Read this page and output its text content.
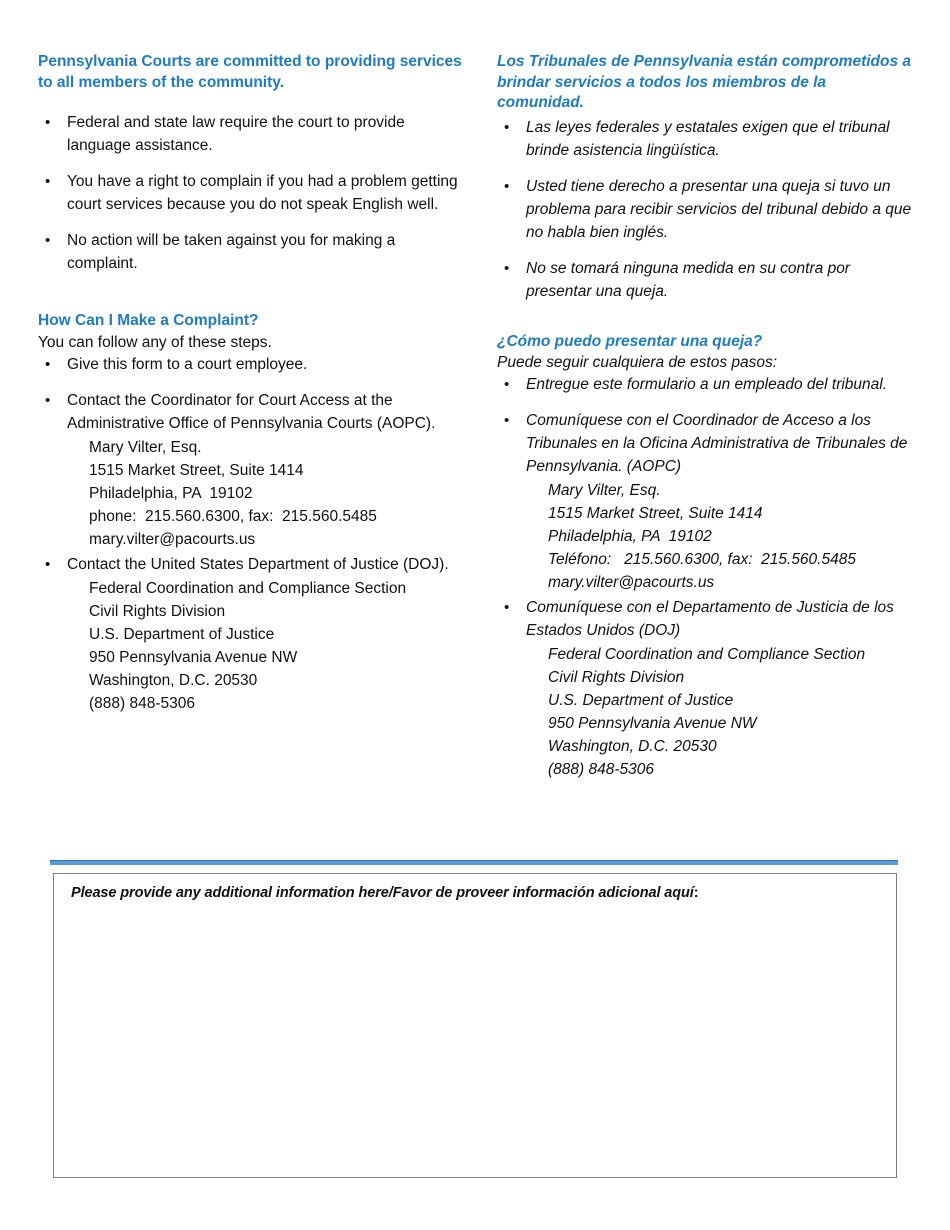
Pennsylvania Courts are committed to providing services to all members of the community.
• Federal and state law require the court to provide language assistance.
• You have a right to complain if you had a problem getting court services because you do not speak English well.
• No action will be taken against you for making a complaint.
How Can I Make a Complaint?
You can follow any of these steps.
• Give this form to a court employee.
• Contact the Coordinator for Court Access at the Administrative Office of Pennsylvania Courts (AOPC).
Mary Vilter, Esq.
1515 Market Street, Suite 1414
Philadelphia, PA  19102
phone:  215.560.6300, fax:  215.560.5485
mary.vilter@pacourts.us
• Contact the United States Department of Justice (DOJ).
Federal Coordination and Compliance Section
Civil Rights Division
U.S. Department of Justice
950 Pennsylvania Avenue NW
Washington, D.C. 20530
(888) 848-5306
Los Tribunales de Pennsylvania están comprometidos a brindar servicios a todos los miembros de la comunidad.
• Las leyes federales y estatales exigen que el tribunal brinde asistencia lingüística.
• Usted tiene derecho a presentar una queja si tuvo un problema para recibir servicios del tribunal debido a que no habla bien inglés.
• No se tomará ninguna medida en su contra por presentar una queja.
¿Cómo puedo presentar una queja?
Puede seguir cualquiera de estos pasos:
• Entregue este formulario a un empleado del tribunal.
• Comuníquese con el Coordinador de Acceso a los Tribunales en la Oficina Administrativa de Tribunales de Pennsylvania. (AOPC)
Mary Vilter, Esq.
1515 Market Street, Suite 1414
Philadelphia, PA  19102
Teléfono:   215.560.6300, fax:  215.560.5485
mary.vilter@pacourts.us
• Comuníquese con el Departamento de Justicia de los Estados Unidos (DOJ)
Federal Coordination and Compliance Section
Civil Rights Division
U.S. Department of Justice
950 Pennsylvania Avenue NW
Washington, D.C. 20530
(888) 848-5306
Please provide any additional information here/Favor de proveer información adicional aquí:
